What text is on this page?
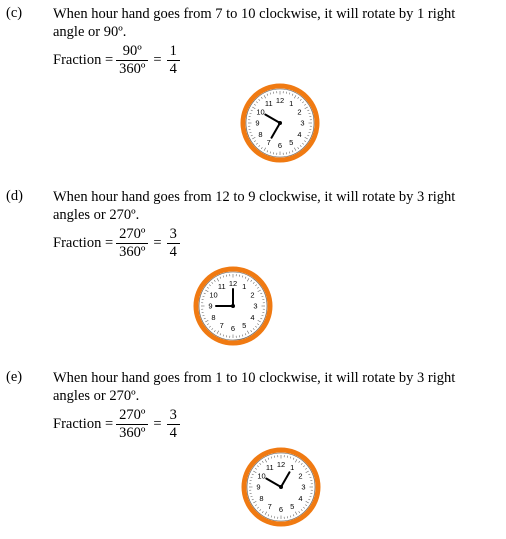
(c) When hour hand goes from 7 to 10 clockwise, it will rotate by 1 right
angle or 90º.
Fraction = $\frac{\text{90º}}{\text{360º}} = \frac{1}{4}$
12 1
2
3
4
5
6
7
8
9
10
11
(d) When hour hand goes from 12 to 9 clockwise, it will rotate by 3 right
angles or 270º.
Fraction = $\frac{\text{270º}}{\text{360º}} = \frac{3}{4}$
12 1
2
3
4
5
6
7
8
9
10
11
(e) When hour hand goes from 1 to 10 clockwise, it will rotate by 3 right
angles or 270º.
Fraction = $\frac{\text{270º}}{\text{360º}} = \frac{3}{4}$
12 1
2
3
4
5
6
7
8
9
10
11
